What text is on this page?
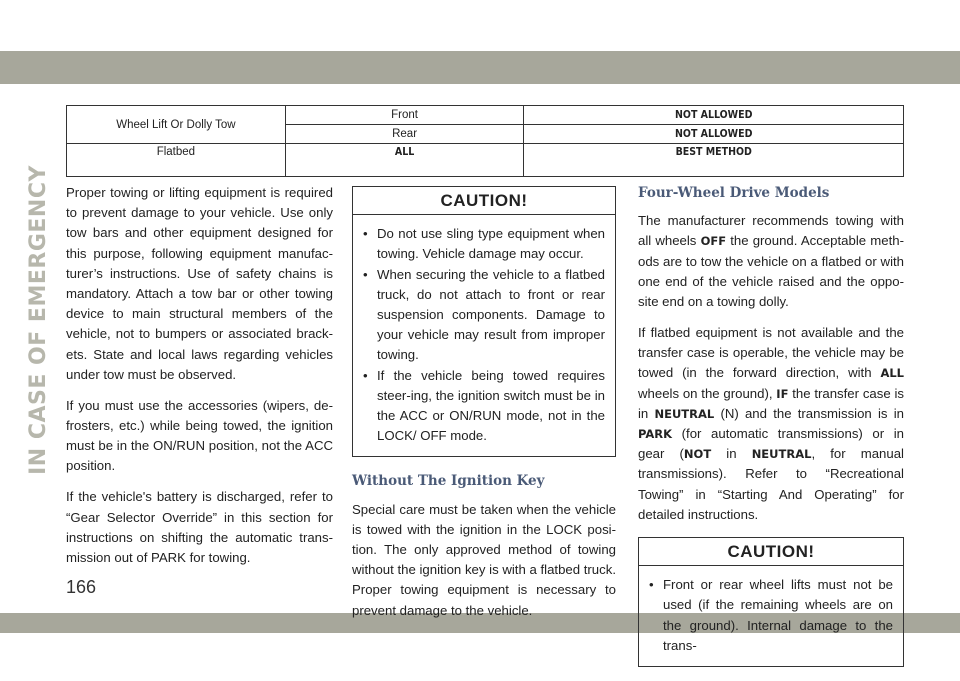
IN CASE OF EMERGENCY
Wheel Lift Or Dolly Tow	Front	NOT ALLOWED
	Rear	NOT ALLOWED
Flatbed	ALL	BEST METHOD

Proper towing or lifting equipment is required to prevent damage to your vehicle. Use only tow bars and other equipment designed for this purpose, following equipment manufac-turer’s instructions. Use of safety chains is mandatory. Attach a tow bar or other towing device to main structural members of the vehicle, not to bumpers or associated brack-ets. State and local laws regarding vehicles under tow must be observed.

If you must use the accessories (wipers, de-frosters, etc.) while being towed, the ignition must be in the ON/RUN position, not the ACC position.

If the vehicle's battery is discharged, refer to “Gear Selector Override” in this section for instructions on shifting the automatic trans-mission out of PARK for towing.

CAUTION!
• Do not use sling type equipment when towing. Vehicle damage may occur.
• When securing the vehicle to a flatbed truck, do not attach to front or rear suspension components. Damage to your vehicle may result from improper towing.
• If the vehicle being towed requires steer-ing, the ignition switch must be in the ACC or ON/RUN mode, not in the LOCK/ OFF mode.
Without The Ignition Key

Special care must be taken when the vehicle is towed with the ignition in the LOCK posi-tion. The only approved method of towing without the ignition key is with a flatbed truck. Proper towing equipment is necessary to prevent damage to the vehicle.

Four-Wheel Drive Models

The manufacturer recommends towing with all wheels OFF the ground. Acceptable meth-ods are to tow the vehicle on a flatbed or with one end of the vehicle raised and the oppo-site end on a towing dolly.

If flatbed equipment is not available and the transfer case is operable, the vehicle may be towed (in the forward direction, with ALL wheels on the ground), IF the transfer case is in NEUTRAL (N) and the transmission is in PARK (for automatic transmissions) or in gear (NOT in NEUTRAL, for manual transmissions). Refer to “Recreational Towing” in “Starting And Operating” for detailed instructions.

CAUTION!
• Front or rear wheel lifts must not be used (if the remaining wheels are on the ground). Internal damage to the trans-
166
